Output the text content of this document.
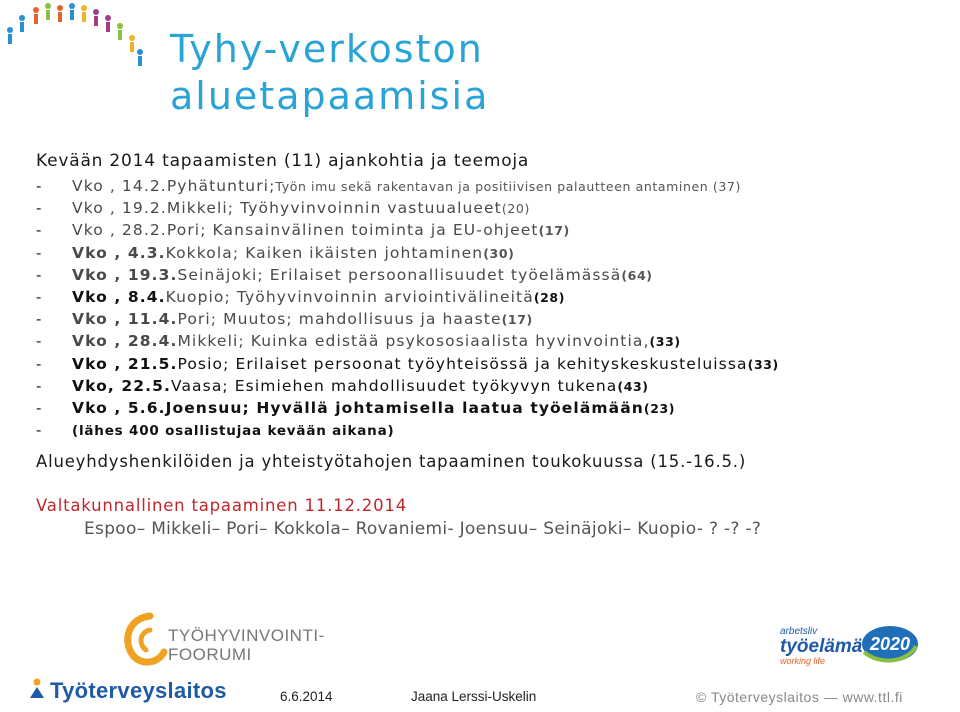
Tyhy-verkoston
aluetapaamisia

Kevään 2014 tapaamisten (11) ajankohtia ja teemoja

-	Vko , 14.2. Pyhätunturi; Työn imu sekä rakentavan ja positiivisen palautteen antaminen (37)
-	Vko , 19.2. Mikkeli; Työhyvinvoinnin vastuualueet (20)
-	Vko , 28.2. Pori; Kansainvälinen toiminta ja EU-ohjeet (17)
-	Vko , 4.3. Kokkola; Kaiken ikäisten johtaminen (30)
-	Vko , 19.3. Seinäjoki; Erilaiset persoonallisuudet työelämässä (64)
-	Vko , 8.4. Kuopio; Työhyvinvoinnin arviointivälineitä (28)
-	Vko , 11.4. Pori; Muutos; mahdollisuus ja haaste (17)
-	Vko , 28.4. Mikkeli; Kuinka edistää psykososiaalista hyvinvointia, (33)
-	Vko , 21.5. Posio; Erilaiset persoonat työyhteisössä ja kehityskeskusteluissa (33)
-	Vko, 22.5. Vaasa; Esimiehen mahdollisuudet työkyvyn tukena (43)
-	Vko , 5.6. Joensuu; Hyvällä johtamisella laatua työelämään (23)
-	(lähes 400 osallistujaa kevään aikana)

Alueyhdyshenkilöiden ja yhteistyötahojen tapaaminen toukokuussa (15.-16.5.)

Valtakunnallinen tapaaminen 11.12.2014

Espoo– Mikkeli– Pori– Kokkola– Rovaniemi- Joensuu– Seinäjoki– Kuopio- ? -? -?

TYÖHYVINVOINTI-
FOORUMI
Työterveyslaitos
2020
arbetsliv
työelämä
working life
6.6.2014	Jaana Lerssi-Uskelin	© Työterveyslaitos — www.ttl.fi
